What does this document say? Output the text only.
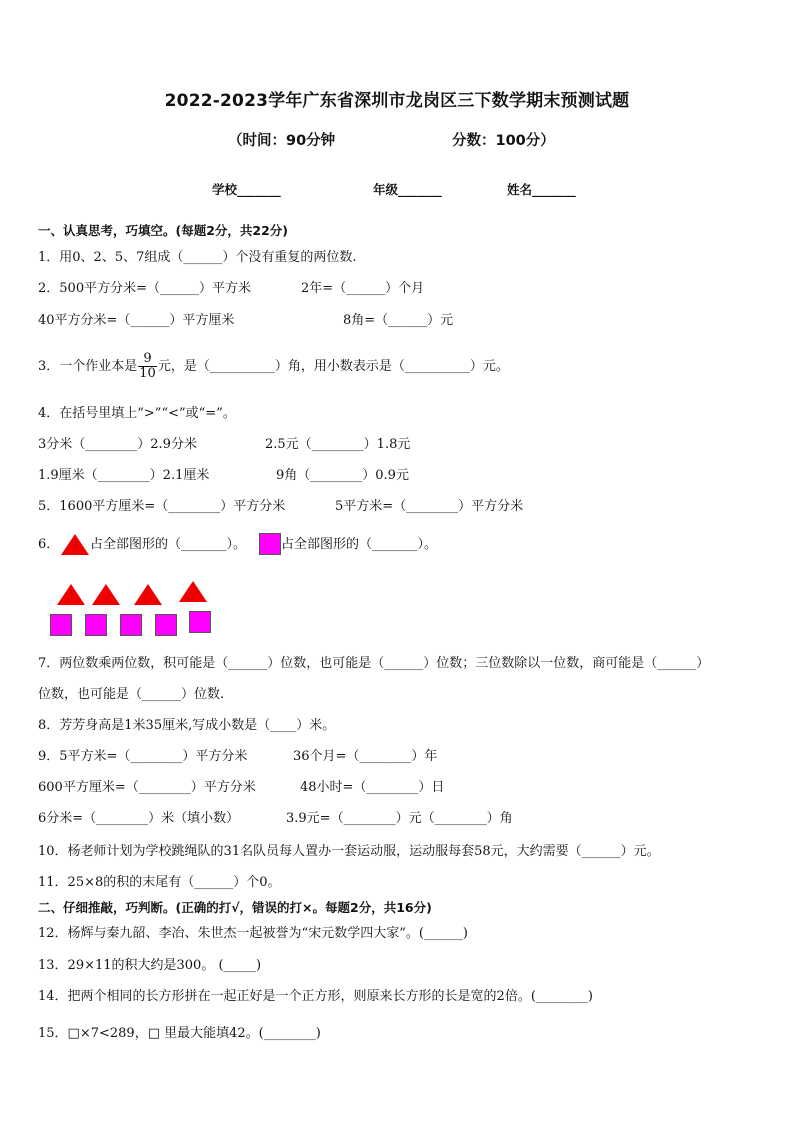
2022-2023学年广东省深圳市龙岗区三下数学期末预测试题
（时间：90分钟	分数：100分）
学校_______	年级_______	姓名_______
一、认真思考，巧填空。(每题2分，共22分)
1．用0、2、5、7组成（______）个没有重复的两位数.
2．500平方分米=（______）平方米	2年=（______）个月
40平方分米=（______）平方厘米	8角=（______）元
3．一个作业本是 $\frac{9}{10}$ 元，是（__________）角，用小数表示是（__________）元。
4．在括号里填上“>”“<”或“=”。
3分米（________）2.9分米	2.5元（________）1.8元
1.9厘米（________）2.1厘米	9角（________）0.9元
5．1600平方厘米=（________）平方分米	5平方米=（________）平方分米
6． 占全部图形的（_______）。	占全部图形的（_______）。
7．两位数乘两位数，积可能是（______）位数，也可能是（______）位数；三位数除以一位数，商可能是（______）
位数，也可能是（______）位数.
8．芳芳身高是1米35厘米,写成小数是（____）米。
9．5平方米=（________）平方分米	36个月=（________）年
600平方厘米=（________）平方分米	48小时=（________）日
6分米=（________）米（填小数）	3.9元=（________）元（________）角
10．杨老师计划为学校跳绳队的31名队员每人置办一套运动服，运动服每套58元，大约需要（______）元。
11．25×8的积的末尾有（______）个0。
二、仔细推敲，巧判断。(正确的打√，错误的打×。每题2分，共16分)
12．杨辉与秦九韶、李冶、朱世杰一起被誉为“宋元数学四大家”。(______)
13．29×11的积大约是300。 (_____)
14．把两个相同的长方形拼在一起正好是一个正方形，则原来长方形的长是宽的2倍。(________)
15．□×7<289，□ 里最大能填42。(________)
